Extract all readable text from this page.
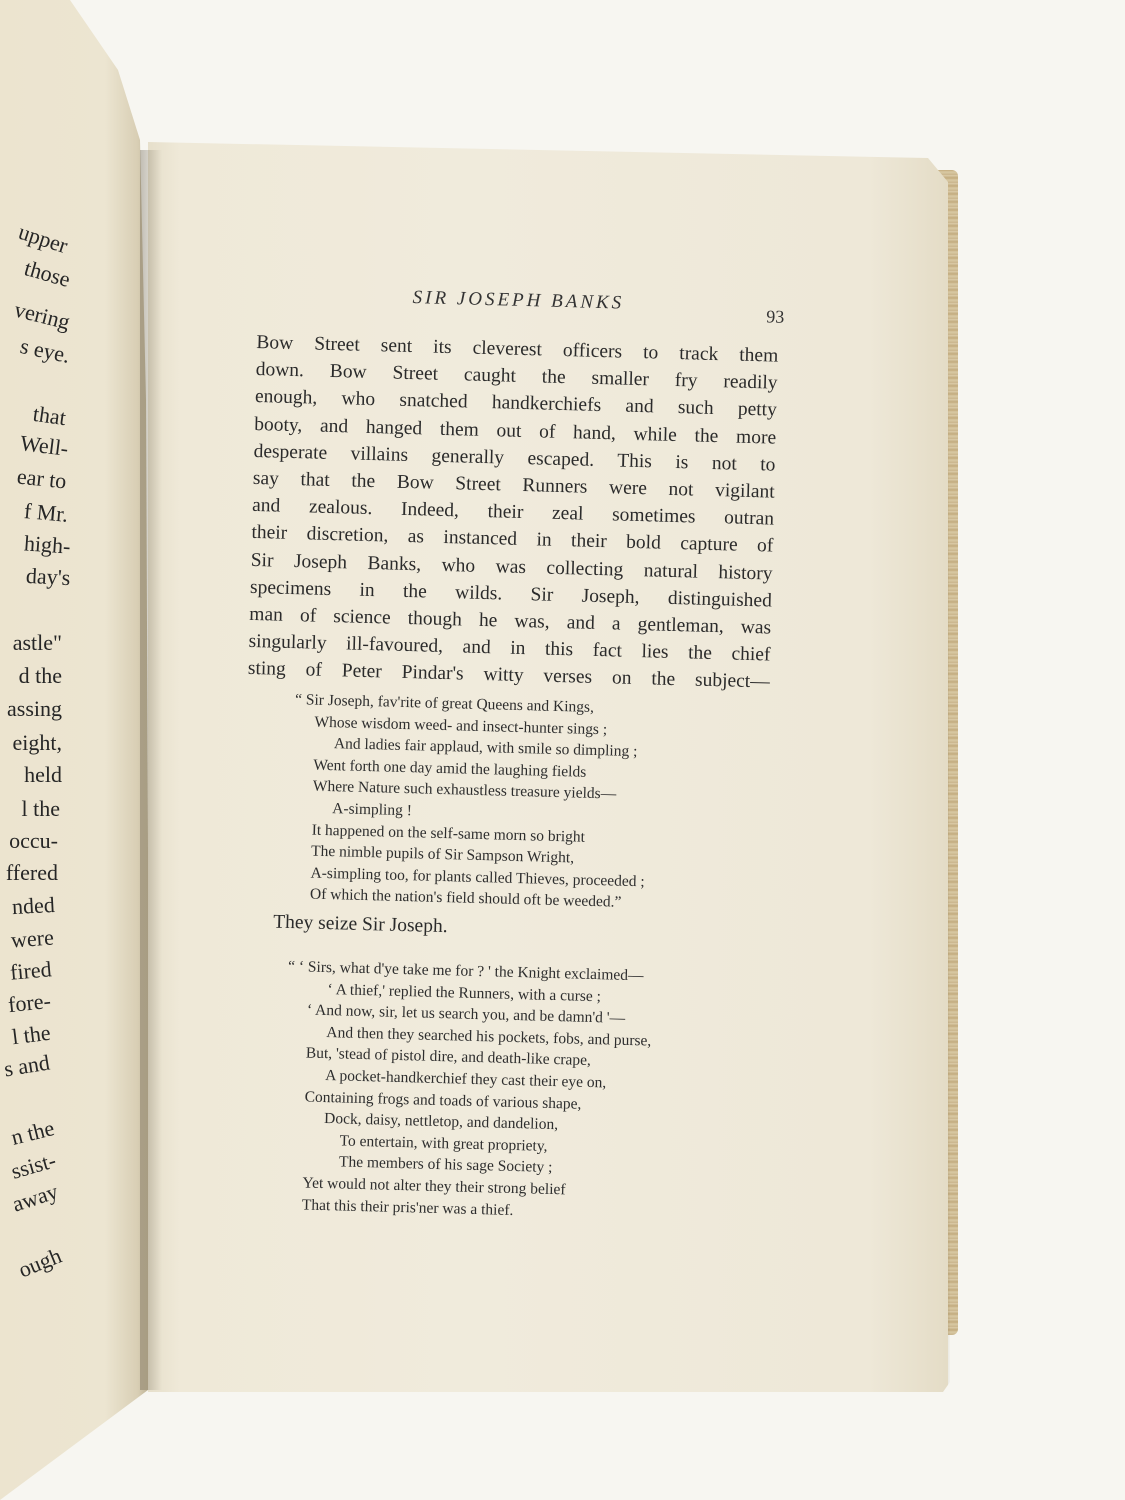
upper
those
vering
s eye.
that
Well-
ear to
f Mr.
high-
day's
astle"
d the
assing
eight,
held
l the
occu-
ffered
nded
were
fired
fore-
l the
s and
n the
ssist-
away
ough
SIR JOSEPH BANKS
93
Bow Street sent its cleverest officers to track them
down. Bow Street caught the smaller fry readily
enough, who snatched handkerchiefs and such petty
booty, and hanged them out of hand, while the more
desperate villains generally escaped. This is not to
say that the Bow Street Runners were not vigilant
and zealous. Indeed, their zeal sometimes outran
their discretion, as instanced in their bold capture of
Sir Joseph Banks, who was collecting natural history
specimens in the wilds. Sir Joseph, distinguished
man of science though he was, and a gentleman, was
singularly ill-favoured, and in this fact lies the chief
sting of Peter Pindar's witty verses on the subject—
“ Sir Joseph, fav'rite of great Queens and Kings,
Whose wisdom weed- and insect-hunter sings ;
And ladies fair applaud, with smile so dimpling ;
Went forth one day amid the laughing fields
Where Nature such exhaustless treasure yields—
A-simpling !
It happened on the self-same morn so bright
The nimble pupils of Sir Sampson Wright,
A-simpling too, for plants called Thieves, proceeded ;
Of which the nation's field should oft be weeded.”
They seize Sir Joseph.
“ ‘ Sirs, what d'ye take me for ? ' the Knight exclaimed—
‘ A thief,' replied the Runners, with a curse ;
‘ And now, sir, let us search you, and be damn'd '—
And then they searched his pockets, fobs, and purse,
But, 'stead of pistol dire, and death-like crape,
A pocket-handkerchief they cast their eye on,
Containing frogs and toads of various shape,
Dock, daisy, nettletop, and dandelion,
To entertain, with great propriety,
The members of his sage Society ;
Yet would not alter they their strong belief
That this their pris'ner was a thief.
